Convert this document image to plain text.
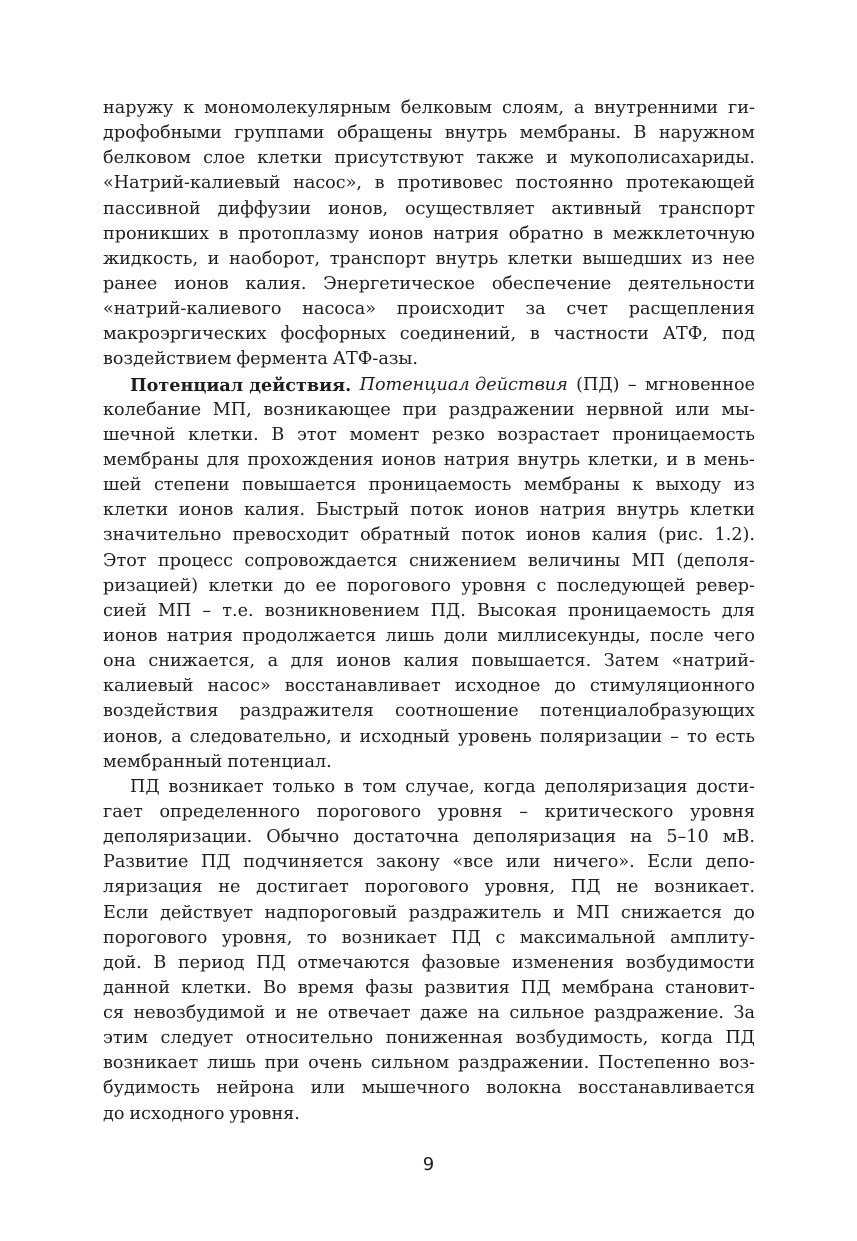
наружу к мономолекулярным белковым слоям, а внутренними ги-
дрофобными группами обращены внутрь мембраны. В наружном
белковом слое клетки присутствуют также и мукополисахариды.
«Натрий-калиевый насос», в противовес постоянно протекающей
пассивной диффузии ионов, осуществляет активный транспорт
проникших в протоплазму ионов натрия обратно в межклеточную
жидкость, и наоборот, транспорт внутрь клетки вышедших из нее
ранее ионов калия. Энергетическое обеспечение деятельности
«натрий-калиевого насоса» происходит за счет расщепления
макроэргических фосфорных соединений, в частности АТФ, под
воздействием фермента АТФ-азы.
Потенциал действия. Потенциал действия (ПД) – мгновенное
колебание МП, возникающее при раздражении нервной или мы-
шечной клетки. В этот момент резко возрастает проницаемость
мембраны для прохождения ионов натрия внутрь клетки, и в мень-
шей степени повышается проницаемость мембраны к выходу из
клетки ионов калия. Быстрый поток ионов натрия внутрь клетки
значительно превосходит обратный поток ионов калия (рис. 1.2).
Этот процесс сопровождается снижением величины МП (деполя-
ризацией) клетки до ее порогового уровня с последующей ревер-
сией МП – т.е. возникновением ПД. Высокая проницаемость для
ионов натрия продолжается лишь доли миллисекунды, после чего
она снижается, а для ионов калия повышается. Затем «натрий-
калиевый насос» восстанавливает исходное до стимуляционного
воздействия раздражителя соотношение потенциалобразующих
ионов, а следовательно, и исходный уровень поляризации – то есть
мембранный потенциал.
ПД возникает только в том случае, когда деполяризация дости-
гает определенного порогового уровня – критического уровня
деполяризации. Обычно достаточна деполяризация на 5–10 мВ.
Развитие ПД подчиняется закону «все или ничего». Если депо-
ляризация не достигает порогового уровня, ПД не возникает.
Если действует надпороговый раздражитель и МП снижается до
порогового уровня, то возникает ПД с максимальной амплиту-
дой. В период ПД отмечаются фазовые изменения возбудимости
данной клетки. Во время фазы развития ПД мембрана становит-
ся невозбудимой и не отвечает даже на сильное раздражение. За
этим следует относительно пониженная возбудимость, когда ПД
возникает лишь при очень сильном раздражении. Постепенно воз-
будимость нейрона или мышечного волокна восстанавливается
до исходного уровня.
9
